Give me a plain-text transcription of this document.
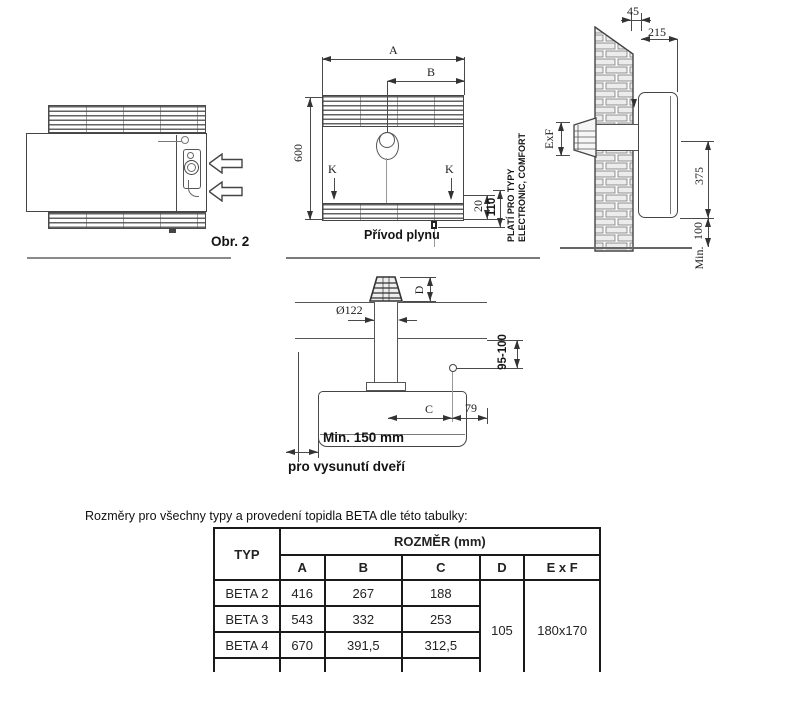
Obr. 2
A
B
600
K	K
20 110
Přívod plynu	PLATÍ PRO TYPY ELECTRONIC, COMFORT
45
215
ExF
375
100
Min.
D
Ø122
95-100
C	79
Min. 150 mm
pro vysunutí dveří
Rozměry pro všechny typy a provedení topidla BETA dle této tabulky:
TYP	ROZMĚR (mm)				
	A	B	C	D	E x F
BETA 2	416	267	188	105	180x170
BETA 3	543	332	253		
BETA 4	670	391,5	312,5		
